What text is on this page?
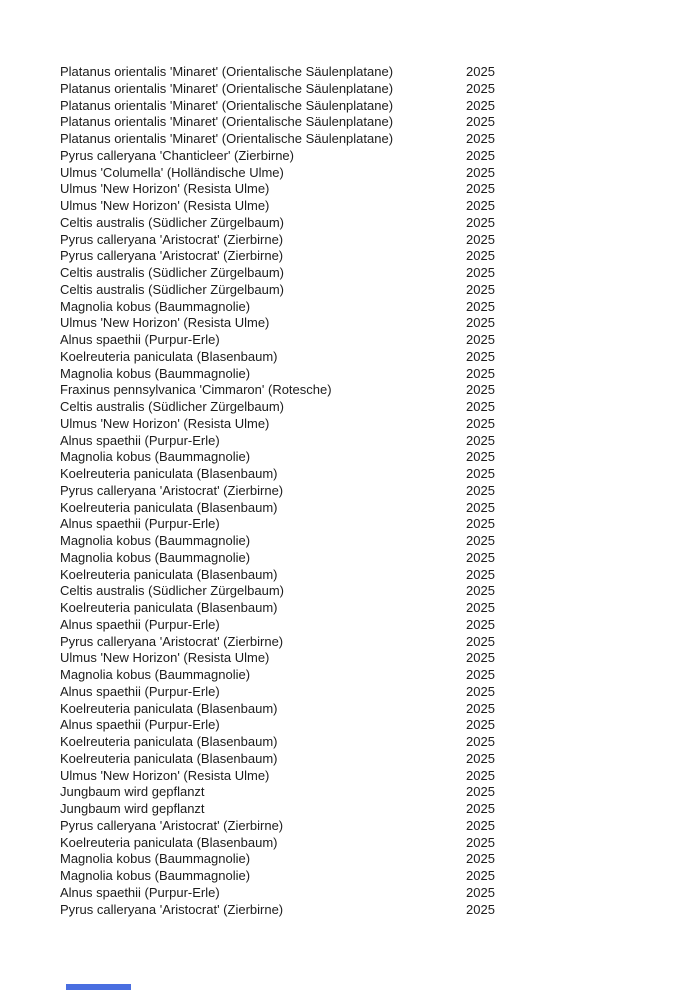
Platanus orientalis 'Minaret' (Orientalische Säulenplatane)	2025
Platanus orientalis 'Minaret' (Orientalische Säulenplatane)	2025
Platanus orientalis 'Minaret' (Orientalische Säulenplatane)	2025
Platanus orientalis 'Minaret' (Orientalische Säulenplatane)	2025
Platanus orientalis 'Minaret' (Orientalische Säulenplatane)	2025
Pyrus calleryana 'Chanticleer' (Zierbirne)	2025
Ulmus 'Columella' (Holländische Ulme)	2025
Ulmus 'New Horizon' (Resista Ulme)	2025
Ulmus 'New Horizon' (Resista Ulme)	2025
Celtis australis (Südlicher Zürgelbaum)	2025
Pyrus calleryana 'Aristocrat' (Zierbirne)	2025
Pyrus calleryana 'Aristocrat' (Zierbirne)	2025
Celtis australis (Südlicher Zürgelbaum)	2025
Celtis australis (Südlicher Zürgelbaum)	2025
Magnolia kobus (Baummagnolie)	2025
Ulmus 'New Horizon' (Resista Ulme)	2025
Alnus spaethii (Purpur-Erle)	2025
Koelreuteria paniculata (Blasenbaum)	2025
Magnolia kobus (Baummagnolie)	2025
Fraxinus pennsylvanica 'Cimmaron' (Rotesche)	2025
Celtis australis (Südlicher Zürgelbaum)	2025
Ulmus 'New Horizon' (Resista Ulme)	2025
Alnus spaethii (Purpur-Erle)	2025
Magnolia kobus (Baummagnolie)	2025
Koelreuteria paniculata (Blasenbaum)	2025
Pyrus calleryana 'Aristocrat' (Zierbirne)	2025
Koelreuteria paniculata (Blasenbaum)	2025
Alnus spaethii (Purpur-Erle)	2025
Magnolia kobus (Baummagnolie)	2025
Magnolia kobus (Baummagnolie)	2025
Koelreuteria paniculata (Blasenbaum)	2025
Celtis australis (Südlicher Zürgelbaum)	2025
Koelreuteria paniculata (Blasenbaum)	2025
Alnus spaethii (Purpur-Erle)	2025
Pyrus calleryana 'Aristocrat' (Zierbirne)	2025
Ulmus 'New Horizon' (Resista Ulme)	2025
Magnolia kobus (Baummagnolie)	2025
Alnus spaethii (Purpur-Erle)	2025
Koelreuteria paniculata (Blasenbaum)	2025
Alnus spaethii (Purpur-Erle)	2025
Koelreuteria paniculata (Blasenbaum)	2025
Koelreuteria paniculata (Blasenbaum)	2025
Ulmus 'New Horizon' (Resista Ulme)	2025
Jungbaum wird gepflanzt	2025
Jungbaum wird gepflanzt	2025
Pyrus calleryana 'Aristocrat' (Zierbirne)	2025
Koelreuteria paniculata (Blasenbaum)	2025
Magnolia kobus (Baummagnolie)	2025
Magnolia kobus (Baummagnolie)	2025
Alnus spaethii (Purpur-Erle)	2025
Pyrus calleryana 'Aristocrat' (Zierbirne)	2025
